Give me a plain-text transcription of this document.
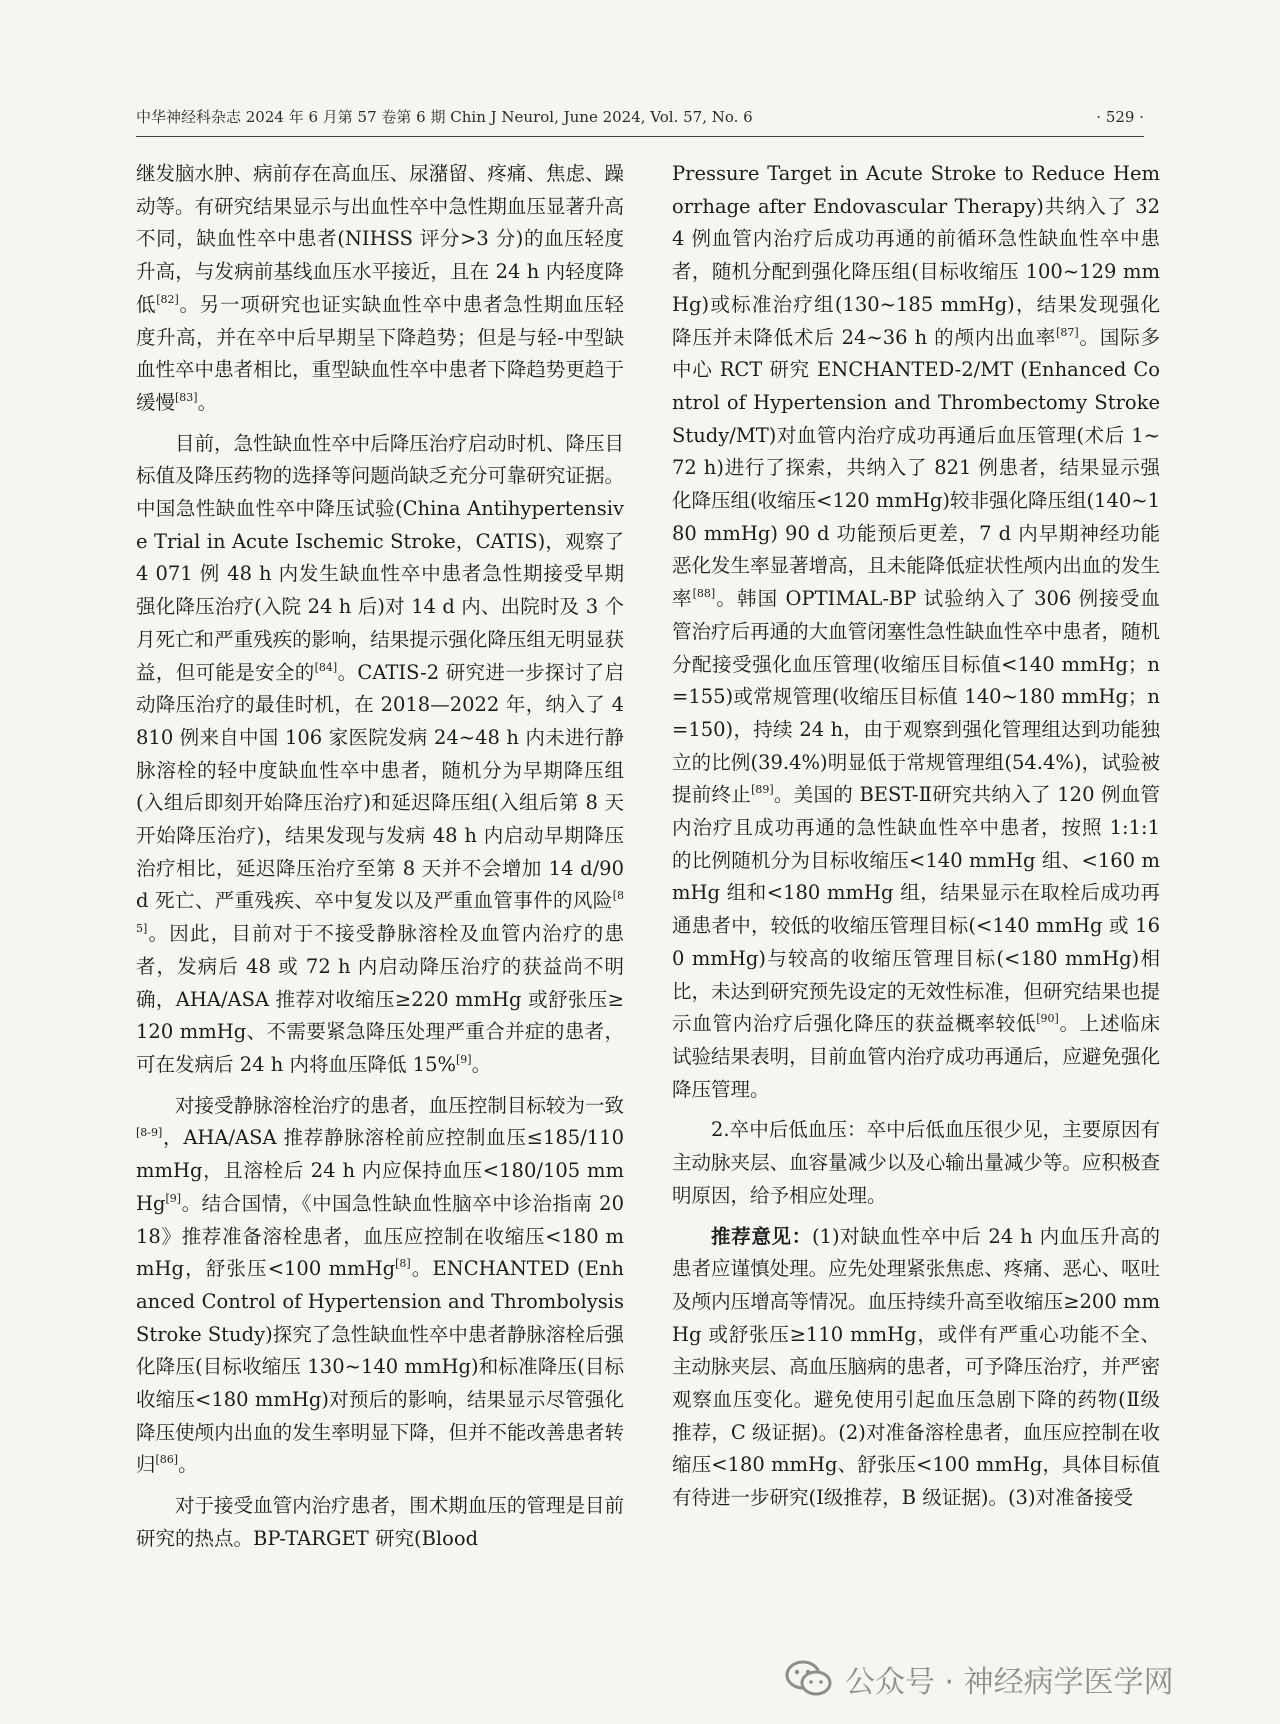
中华神经科杂志 2024 年 6 月第 57 卷第 6 期 Chin J Neurol, June 2024, Vol. 57, No. 6	· 529 ·

继发脑水肿、病前存在高血压、尿潴留、疼痛、焦虑、躁动等。有研究结果显示与出血性卒中急性期血压显著升高不同，缺血性卒中患者(NIHSS 评分>3 分)的血压轻度升高，与发病前基线血压水平接近，且在 24 h 内轻度降低[82]。另一项研究也证实缺血性卒中患者急性期血压轻度升高，并在卒中后早期呈下降趋势；但是与轻-中型缺血性卒中患者相比，重型缺血性卒中患者下降趋势更趋于缓慢[83]。

目前，急性缺血性卒中后降压治疗启动时机、降压目标值及降压药物的选择等问题尚缺乏充分可靠研究证据。中国急性缺血性卒中降压试验(China Antihypertensive Trial in Acute Ischemic Stroke，CATIS)，观察了 4 071 例 48 h 内发生缺血性卒中患者急性期接受早期强化降压治疗(入院 24 h 后)对 14 d 内、出院时及 3 个月死亡和严重残疾的影响，结果提示强化降压组无明显获益，但可能是安全的[84]。CATIS-2 研究进一步探讨了启动降压治疗的最佳时机，在 2018—2022 年，纳入了 4 810 例来自中国 106 家医院发病 24~48 h 内未进行静脉溶栓的轻中度缺血性卒中患者，随机分为早期降压组(入组后即刻开始降压治疗)和延迟降压组(入组后第 8 天开始降压治疗)，结果发现与发病 48 h 内启动早期降压治疗相比，延迟降压治疗至第 8 天并不会增加 14 d/90 d 死亡、严重残疾、卒中复发以及严重血管事件的风险[85]。因此，目前对于不接受静脉溶栓及血管内治疗的患者，发病后 48 或 72 h 内启动降压治疗的获益尚不明确，AHA/ASA 推荐对收缩压≥220 mmHg 或舒张压≥120 mmHg、不需要紧急降压处理严重合并症的患者，可在发病后 24 h 内将血压降低 15%[9]。

对接受静脉溶栓治疗的患者，血压控制目标较为一致[8-9]，AHA/ASA 推荐静脉溶栓前应控制血压≤185/110 mmHg，且溶栓后 24 h 内应保持血压<180/105 mmHg[9]。结合国情，《中国急性缺血性脑卒中诊治指南 2018》推荐准备溶栓患者，血压应控制在收缩压<180 mmHg，舒张压<100 mmHg[8]。ENCHANTED (Enhanced Control of Hypertension and Thrombolysis Stroke Study)探究了急性缺血性卒中患者静脉溶栓后强化降压(目标收缩压 130~140 mmHg)和标准降压(目标收缩压<180 mmHg)对预后的影响，结果显示尽管强化降压使颅内出血的发生率明显下降，但并不能改善患者转归[86]。

对于接受血管内治疗患者，围术期血压的管理是目前研究的热点。BP-TARGET 研究(Blood

Pressure Target in Acute Stroke to Reduce Hemorrhage after Endovascular Therapy)共纳入了 324 例血管内治疗后成功再通的前循环急性缺血性卒中患者，随机分配到强化降压组(目标收缩压 100~129 mmHg)或标准治疗组(130~185 mmHg)，结果发现强化降压并未降低术后 24~36 h 的颅内出血率[87]。国际多中心 RCT 研究 ENCHANTED-2/MT (Enhanced Control of Hypertension and Thrombectomy Stroke Study/MT)对血管内治疗成功再通后血压管理(术后 1~72 h)进行了探索，共纳入了 821 例患者，结果显示强化降压组(收缩压<120 mmHg)较非强化降压组(140~180 mmHg) 90 d 功能预后更差，7 d 内早期神经功能恶化发生率显著增高，且未能降低症状性颅内出血的发生率[88]。韩国 OPTIMAL-BP 试验纳入了 306 例接受血管治疗后再通的大血管闭塞性急性缺血性卒中患者，随机分配接受强化血压管理(收缩压目标值<140 mmHg；n=155)或常规管理(收缩压目标值 140~180 mmHg；n=150)，持续 24 h，由于观察到强化管理组达到功能独立的比例(39.4%)明显低于常规管理组(54.4%)，试验被提前终止[89]。美国的 BEST-Ⅱ研究共纳入了 120 例血管内治疗且成功再通的急性缺血性卒中患者，按照 1:1:1 的比例随机分为目标收缩压<140 mmHg 组、<160 mmHg 组和<180 mmHg 组，结果显示在取栓后成功再通患者中，较低的收缩压管理目标(<140 mmHg 或 160 mmHg)与较高的收缩压管理目标(<180 mmHg)相比，未达到研究预先设定的无效性标准，但研究结果也提示血管内治疗后强化降压的获益概率较低[90]。上述临床试验结果表明，目前血管内治疗成功再通后，应避免强化降压管理。

2.卒中后低血压：卒中后低血压很少见，主要原因有主动脉夹层、血容量减少以及心输出量减少等。应积极查明原因，给予相应处理。

推荐意见：(1)对缺血性卒中后 24 h 内血压升高的患者应谨慎处理。应先处理紧张焦虑、疼痛、恶心、呕吐及颅内压增高等情况。血压持续升高至收缩压≥200 mmHg 或舒张压≥110 mmHg，或伴有严重心功能不全、主动脉夹层、高血压脑病的患者，可予降压治疗，并严密观察血压变化。避免使用引起血压急剧下降的药物(Ⅱ级推荐，C 级证据)。(2)对准备溶栓患者，血压应控制在收缩压<180 mmHg、舒张压<100 mmHg，具体目标值有待进一步研究(Ⅰ级推荐，B 级证据)。(3)对准备接受

公众号 · 神经病学医学网
